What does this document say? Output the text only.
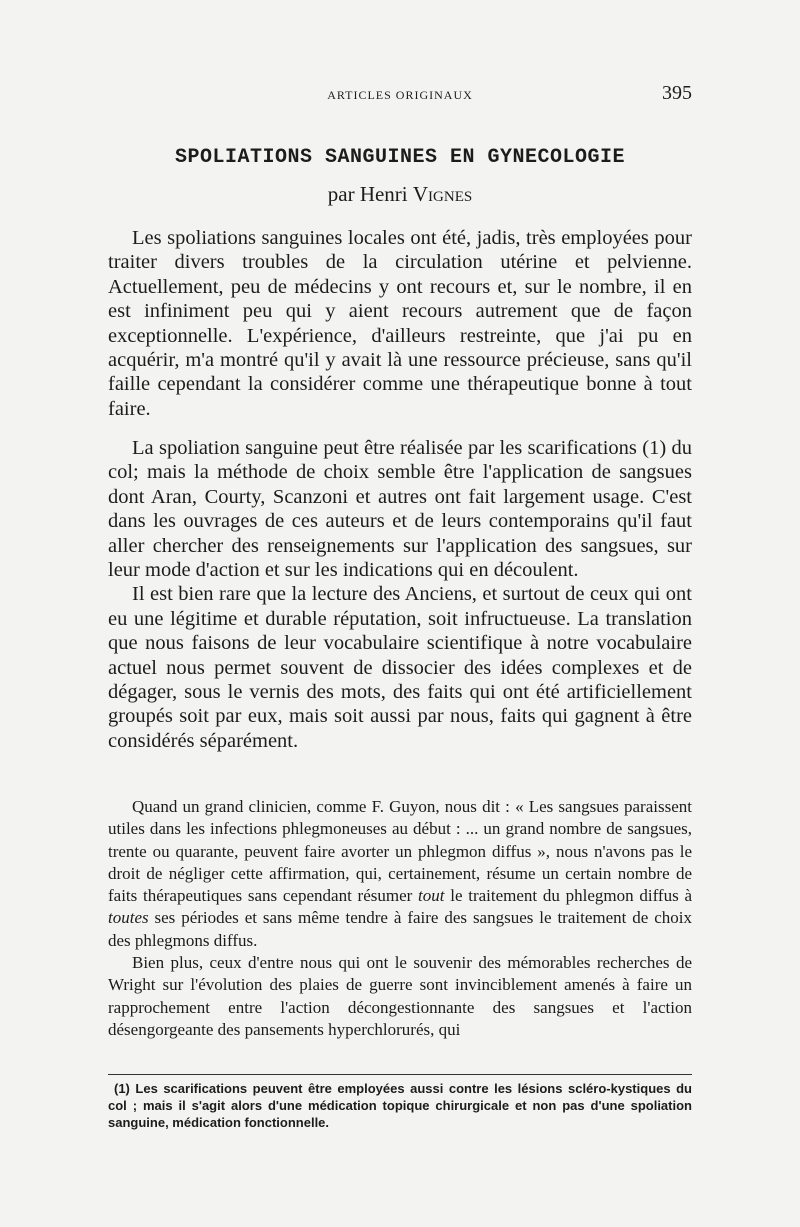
ARTICLES ORIGINAUX	395
SPOLIATIONS SANGUINES EN GYNECOLOGIE
par Henri Vignes

Les spoliations sanguines locales ont été, jadis, très employées pour traiter divers troubles de la circulation utérine et pelvienne. Actuellement, peu de médecins y ont recours et, sur le nombre, il en est infiniment peu qui y aient recours autrement que de façon exceptionnelle. L'expérience, d'ailleurs restreinte, que j'ai pu en acquérir, m'a montré qu'il y avait là une ressource précieuse, sans qu'il faille cependant la considérer comme une thérapeutique bonne à tout faire.

La spoliation sanguine peut être réalisée par les scarifications (1) du col; mais la méthode de choix semble être l'application de sangsues dont Aran, Courty, Scanzoni et autres ont fait largement usage. C'est dans les ouvrages de ces auteurs et de leurs contemporains qu'il faut aller chercher des renseignements sur l'application des sangsues, sur leur mode d'action et sur les indications qui en découlent.

Il est bien rare que la lecture des Anciens, et surtout de ceux qui ont eu une légitime et durable réputation, soit infructueuse. La translation que nous faisons de leur vocabulaire scientifique à notre vocabulaire actuel nous permet souvent de dissocier des idées complexes et de dégager, sous le vernis des mots, des faits qui ont été artificiellement groupés soit par eux, mais soit aussi par nous, faits qui gagnent à être considérés séparément.

Quand un grand clinicien, comme F. Guyon, nous dit : « Les sangsues paraissent utiles dans les infections phlegmoneuses au début : ... un grand nombre de sangsues, trente ou quarante, peuvent faire avorter un phlegmon diffus », nous n'avons pas le droit de négliger cette affirmation, qui, certainement, résume un certain nombre de faits thérapeutiques sans cependant résumer tout le traitement du phlegmon diffus à toutes ses périodes et sans même tendre à faire des sangsues le traitement de choix des phlegmons diffus.

Bien plus, ceux d'entre nous qui ont le souvenir des mémorables recherches de Wright sur l'évolution des plaies de guerre sont invinciblement amenés à faire un rapprochement entre l'action décongestionnante des sangsues et l'action désengorgeante des pansements hyperchlorurés, qui

(1) Les scarifications peuvent être employées aussi contre les lésions scléro-kystiques du col ; mais il s'agit alors d'une médication topique chirurgicale et non pas d'une spoliation sanguine, médication fonctionnelle.
